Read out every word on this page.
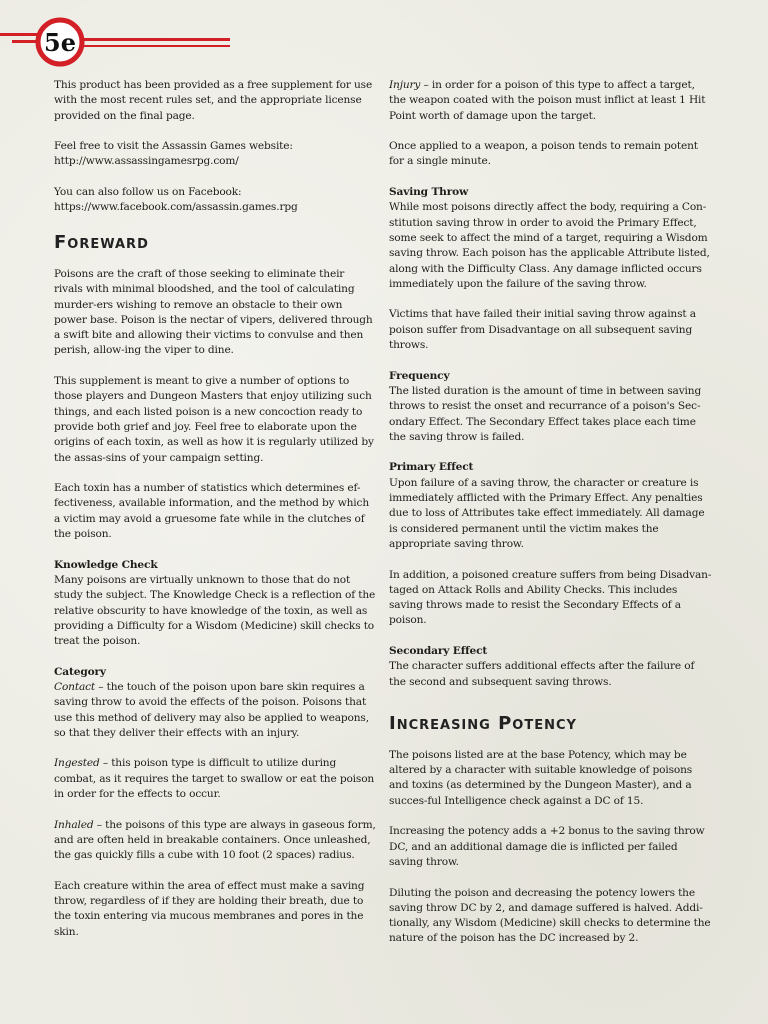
5e

This product has been provided as a free supplement for use with the most recent rules set, and the appropriate license provided on the final page.

Feel free to visit the Assassin Games website:
http://www.assassingamesrpg.com/

You can also follow us on Facebook:
https://www.facebook.com/assassin.games.rpg

Foreward

Poisons are the craft of those seeking to eliminate their rivals with minimal bloodshed, and the tool of calculating murder-ers wishing to remove an obstacle to their own power base. Poison is the nectar of vipers, delivered through a swift bite and allowing their victims to convulse and then perish, allow-ing the viper to dine.

This supplement is meant to give a number of options to those players and Dungeon Masters that enjoy utilizing such things, and each listed poison is a new concoction ready to provide both grief and joy. Feel free to elaborate upon the origins of each toxin, as well as how it is regularly utilized by the assas-sins of your campaign setting.

Each toxin has a number of statistics which determines ef-fectiveness, available information, and the method by which a victim may avoid a gruesome fate while in the clutches of the poison.

Knowledge Check
Many poisons are virtually unknown to those that do not study the subject. The Knowledge Check is a reflection of the relative obscurity to have knowledge of the toxin, as well as providing a Difficulty for a Wisdom (Medicine) skill checks to treat the poison.

Category
Contact – the touch of the poison upon bare skin requires a saving throw to avoid the effects of the poison. Poisons that use this method of delivery may also be applied to weapons, so that they deliver their effects with an injury.

Ingested – this poison type is difficult to utilize during combat, as it requires the target to swallow or eat the poison in order for the effects to occur.

Inhaled – the poisons of this type are always in gaseous form, and are often held in breakable containers. Once unleashed, the gas quickly fills a cube with 10 foot (2 spaces) radius.

Each creature within the area of effect must make a saving throw, regardless of if they are holding their breath, due to the toxin entering via mucous membranes and pores in the skin.

Injury – in order for a poison of this type to affect a target, the weapon coated with the poison must inflict at least 1 Hit Point worth of damage upon the target.

Once applied to a weapon, a poison tends to remain potent for a single minute.

Saving Throw
While most poisons directly affect the body, requiring a Con-stitution saving throw in order to avoid the Primary Effect, some seek to affect the mind of a target, requiring a Wisdom saving throw. Each poison has the applicable Attribute listed, along with the Difficulty Class. Any damage inflicted occurs immediately upon the failure of the saving throw.

Victims that have failed their initial saving throw against a poison suffer from Disadvantage on all subsequent saving throws.

Frequency
The listed duration is the amount of time in between saving throws to resist the onset and recurrance of a poison's Sec-ondary Effect. The Secondary Effect takes place each time the saving throw is failed.

Primary Effect
Upon failure of a saving throw, the character or creature is immediately afflicted with the Primary Effect. Any penalties due to loss of Attributes take effect immediately. All damage is considered permanent until the victim makes the appropriate saving throw.

In addition, a poisoned creature suffers from being Disadvan-taged on Attack Rolls and Ability Checks. This includes saving throws made to resist the Secondary Effects of a poison.

Secondary Effect
The character suffers additional effects after the failure of the second and subsequent saving throws.

Increasing Potency

The poisons listed are at the base Potency, which may be altered by a character with suitable knowledge of poisons and toxins (as determined by the Dungeon Master), and a succes-ful Intelligence check against a DC of 15.

Increasing the potency adds a +2 bonus to the saving throw DC, and an additional damage die is inflicted per failed saving throw.

Diluting the poison and decreasing the potency lowers the saving throw DC by 2, and damage suffered is halved. Addi-tionally, any Wisdom (Medicine) skill checks to determine the nature of the poison has the DC increased by 2.
